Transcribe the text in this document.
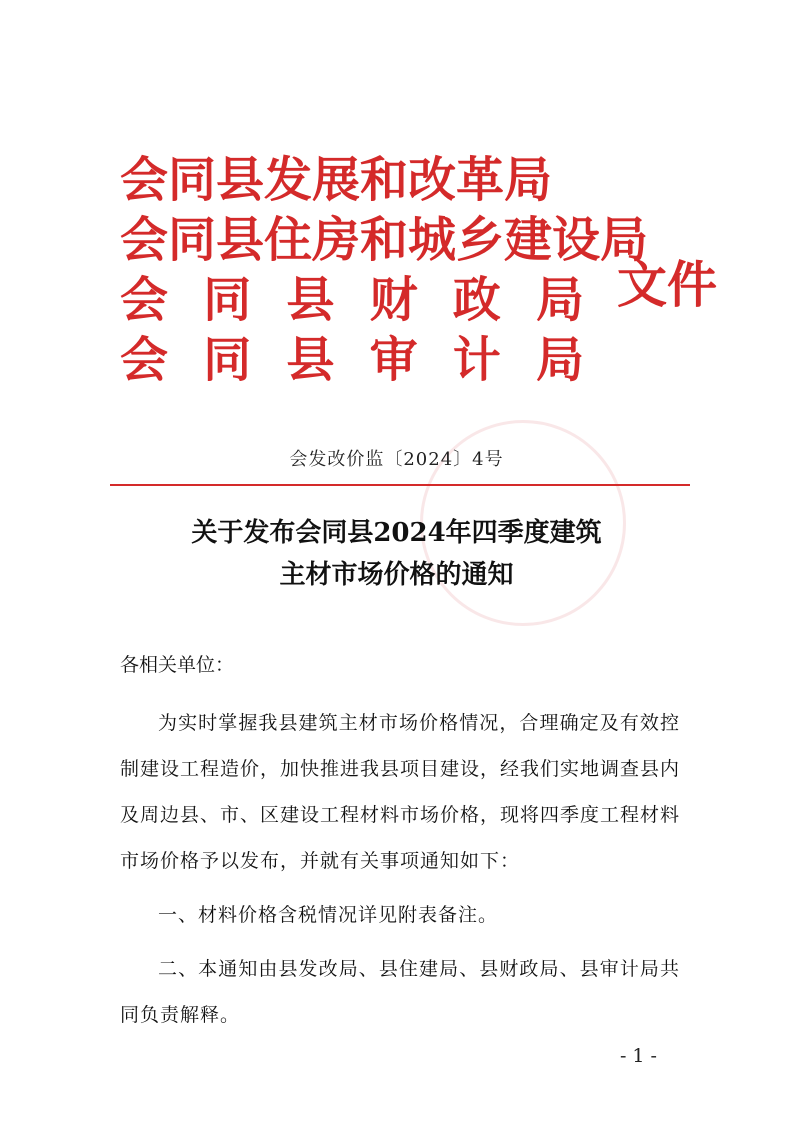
会同县发展和改革局
会同县住房和城乡建设局
会 同 县 财 政 局
会 同 县 审 计 局
文件
会发改价监〔2024〕4号
关于发布会同县2024年四季度建筑
主材市场价格的通知

各相关单位：

为实时掌握我县建筑主材市场价格情况，合理确定及有效控制建设工程造价，加快推进我县项目建设，经我们实地调查县内及周边县、市、区建设工程材料市场价格，现将四季度工程材料市场价格予以发布，并就有关事项通知如下：

一、材料价格含税情况详见附表备注。

二、本通知由县发改局、县住建局、县财政局、县审计局共同负责解释。

-1-
